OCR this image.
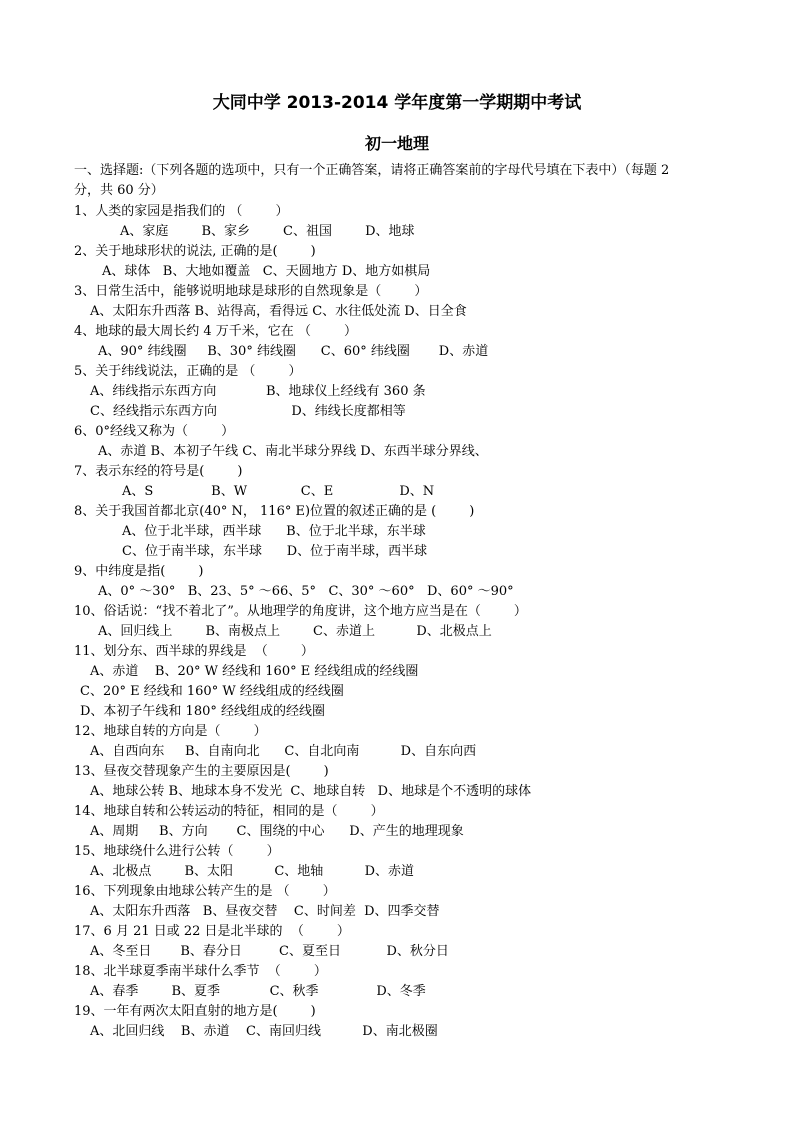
大同中学 2013-2014 学年度第一学期期中考试
初一地理
一、选择题:（下列各题的选项中，只有一个正确答案，请将正确答案前的字母代号填在下表中）（每题 2
分，共 60 分）
1、人类的家园是指我们的 （        ）
A、家庭        B、家乡        C、祖国        D、地球
2、关于地球形状的说法, 正确的是(        )
A、球体   B、大地如覆盖   C、天圆地方 D、地方如棋局
3、日常生活中，能够说明地球是球形的自然现象是（        ）
A、太阳东升西落 B、站得高，看得远 C、水往低处流 D、日全食
4、地球的最大周长约 4 万千米，它在 （        ）
A、90° 纬线圈     B、30° 纬线圈      C、60° 纬线圈       D、赤道
5、关于纬线说法，正确的是 （        ）
A、纬线指示东西方向            B、地球仪上经线有 360 条
C、经线指示东西方向                  D、纬线长度都相等
6、0°经线又称为（        ）
A、赤道 B、本初子午线 C、南北半球分界线 D、东西半球分界线、
7、表示东经的符号是(        )
A、S              B、W             C、E                D、N
8、关于我国首都北京(40° N， 116° E)位置的叙述正确的是 (        )
A、位于北半球，西半球      B、位于北半球，东半球
C、位于南半球，东半球      D、位于南半球，西半球
9、中纬度是指(        )
A、0° ～30°   B、23、5° ～66、5°   C、30° ～60°   D、60° ～90°
10、俗话说：“找不着北了”。从地理学的角度讲，这个地方应当是在（        ）
A、回归线上        B、南极点上        C、赤道上          D、北极点上
11、划分东、西半球的界线是  （        ）
A、赤道    B、20° W 经线和 160° E 经线组成的经线圈
C、20° E 经线和 160° W 经线组成的经线圈
D、本初子午线和 180° 经线组成的经线圈
12、地球自转的方向是（        ）
A、自西向东     B、自南向北      C、自北向南          D、自东向西
13、昼夜交替现象产生的主要原因是(        )
A、地球公转 B、地球本身不发光  C、地球自转   D、地球是个不透明的球体
14、地球自转和公转运动的特征，相同的是（        ）
A、周期     B、方向       C、围绕的中心      D、产生的地理现象
15、地球绕什么进行公转（        ）
A、北极点        B、太阳          C、地轴          D、赤道
16、下列现象由地球公转产生的是 （        ）
A、太阳东升西落   B、昼夜交替    C、时间差  D、四季交替
17、6 月 21 日或 22 日是北半球的  （        ）
A、冬至日       B、春分日         C、夏至日           D、秋分日
18、北半球夏季南半球什么季节  （        ）
A、春季        B、夏季            C、秋季              D、冬季
19、一年有两次太阳直射的地方是(        )
A、北回归线    B、赤道    C、南回归线          D、南北极圈
